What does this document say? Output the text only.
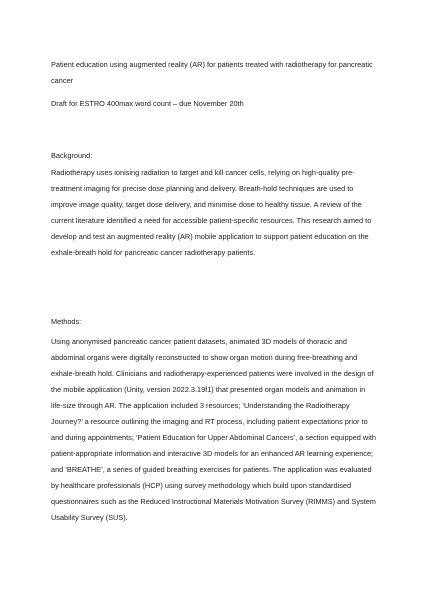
Patient education using augmented reality (AR) for patients treated with radiotherapy for pancreatic cancer

Draft for ESTRO 400max word count – due November 20th

Background:

Radiotherapy uses ionising radiation to target and kill cancer cells, relying on high-quality pre-treatment imaging for precise dose planning and delivery. Breath-hold techniques are used to improve image quality, target dose delivery, and minimise dose to healthy tissue. A review of the current literature identified a need for accessible patient-specific resources. This research aimed to develop and test an augmented reality (AR) mobile application to support patient education on the exhale-breath hold for pancreatic cancer radiotherapy patients.

Methods:

Using anonymised pancreatic cancer patient datasets, animated 3D models of thoracic and abdominal organs were digitally reconstructed to show organ motion during free-breathing and exhale-breath hold. Clinicians and radiotherapy-experienced patients were involved in the design of the mobile application (Unity, version 2022.3.19f1) that presented organ models and animation in life-size through AR. The application included 3 resources; ‘Understanding the Radiotherapy Journey?’ a resource outlining the imaging and RT process, including patient expectations prior to and during appointments; ‘Patient Education for Upper Abdominal Cancers’, a section equipped with patient-appropriate information and interactive 3D models for an enhanced AR learning experience; and ‘BREATHE’, a series of guided breathing exercises for patients. The application was evaluated by healthcare professionals (HCP) using survey methodology which build upon standardised questionnaires such as the Reduced Instructional Materials Motivation Survey (RIMMS) and System Usability Survey (SUS).
